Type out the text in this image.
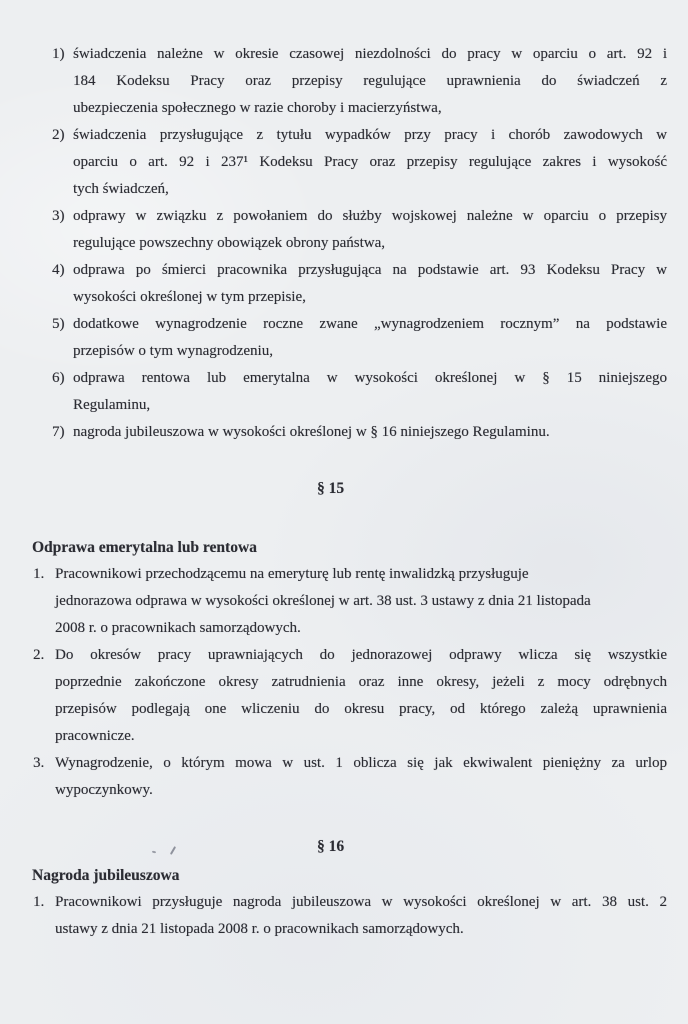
1) świadczenia należne w okresie czasowej niezdolności do pracy w oparciu o art. 92 i
184 Kodeksu Pracy oraz przepisy regulujące uprawnienia do świadczeń z
ubezpieczenia społecznego w razie choroby i macierzyństwa,
2) świadczenia przysługujące z tytułu wypadków przy pracy i chorób zawodowych w
oparciu o art. 92 i 237¹ Kodeksu Pracy oraz przepisy regulujące zakres i wysokość
tych świadczeń,
3) odprawy w związku z powołaniem do służby wojskowej należne w oparciu o przepisy
regulujące powszechny obowiązek obrony państwa,
4) odprawa po śmierci pracownika przysługująca na podstawie art. 93 Kodeksu Pracy w
wysokości określonej w tym przepisie,
5) dodatkowe wynagrodzenie roczne zwane „wynagrodzeniem rocznym” na podstawie
przepisów o tym wynagrodzeniu,
6) odprawa rentowa lub emerytalna w wysokości określonej w § 15 niniejszego
Regulaminu,
7) nagroda jubileuszowa w wysokości określonej w § 16 niniejszego Regulaminu.
§ 15
Odprawa emerytalna lub rentowa
1. Pracownikowi przechodzącemu na emeryturę lub rentę inwalidzką przysługuje
jednorazowa odprawa w wysokości określonej w art. 38 ust. 3 ustawy z dnia 21 listopada
2008 r. o pracownikach samorządowych.
2. Do okresów pracy uprawniających do jednorazowej odprawy wlicza się wszystkie
poprzednie zakończone okresy zatrudnienia oraz inne okresy, jeżeli z mocy odrębnych
przepisów podlegają one wliczeniu do okresu pracy, od którego zależą uprawnienia
pracownicze.
3. Wynagrodzenie, o którym mowa w ust. 1 oblicza się jak ekwiwalent pieniężny za urlop
wypoczynkowy.
§ 16
Nagroda jubileuszowa
1. Pracownikowi przysługuje nagroda jubileuszowa w wysokości określonej w art. 38 ust. 2
ustawy z dnia 21 listopada 2008 r. o pracownikach samorządowych.
